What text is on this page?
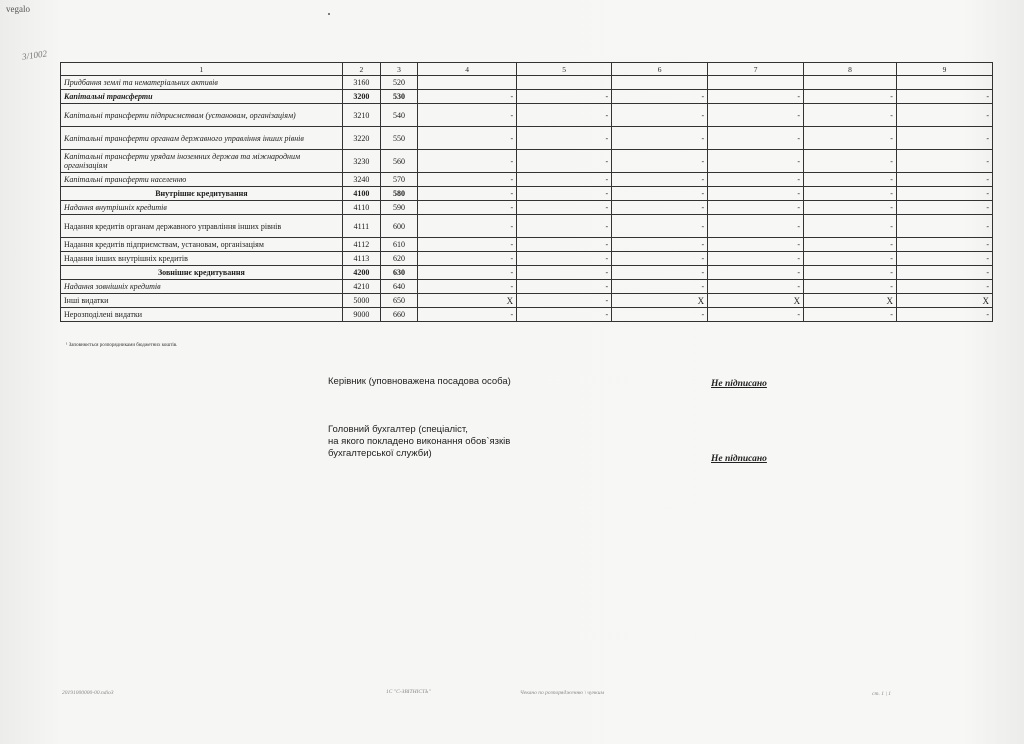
vegalo
3/1002
1	2	3	4	5	6	7	8	9
Придбання землі та нематеріальних активів	3160	520						
Капітальні трансферти	3200	530	-	-	-	-	-	-
Капітальні трансферти підприємствам (установам, організаціям)	3210	540	-	-	-	-	-	-
Капітальні трансферти органам державного управління інших рівнів	3220	550	-	-	-	-	-	-
Капітальні трансферти урядам іноземних держав та міжнародним організаціям	3230	560	-	-	-	-	-	-
Капітальні трансферти населенню	3240	570	-	-	-	-	-	-
Внутрішнє кредитування	4100	580	-	-	-	-	-	-
Надання внутрішніх кредитів	4110	590	-	-	-	-	-	-
Надання кредитів органам державного управління інших рівнів	4111	600	-	-	-	-	-	-
Надання кредитів підприємствам, установам, організаціям	4112	610	-	-	-	-	-	-
Надання інших внутрішніх кредитів	4113	620	-	-	-	-	-	-
Зовнішнє кредитування	4200	630	-	-	-	-	-	-
Надання зовнішніх кредитів	4210	640	-	-	-	-	-	-
Інші видатки	5000	650	X	-	X	X	X	X
Нерозподілені видатки	9000	660	-	-	-	-	-	-
¹ Заповнюється розпорядниками бюджетних коштів.
Керівник (уповноважена посадова особа)	Не підписано
Головний бухгалтер (спеціаліст,
на якого покладено виконання обов`язків
бухгалтерської служби)	Не підписано
20191000000-00.ndio3	1С "С-ЗВІТНІСТЬ"	Чекано по розпорядженню \ чунким	ст. 1 | 1
